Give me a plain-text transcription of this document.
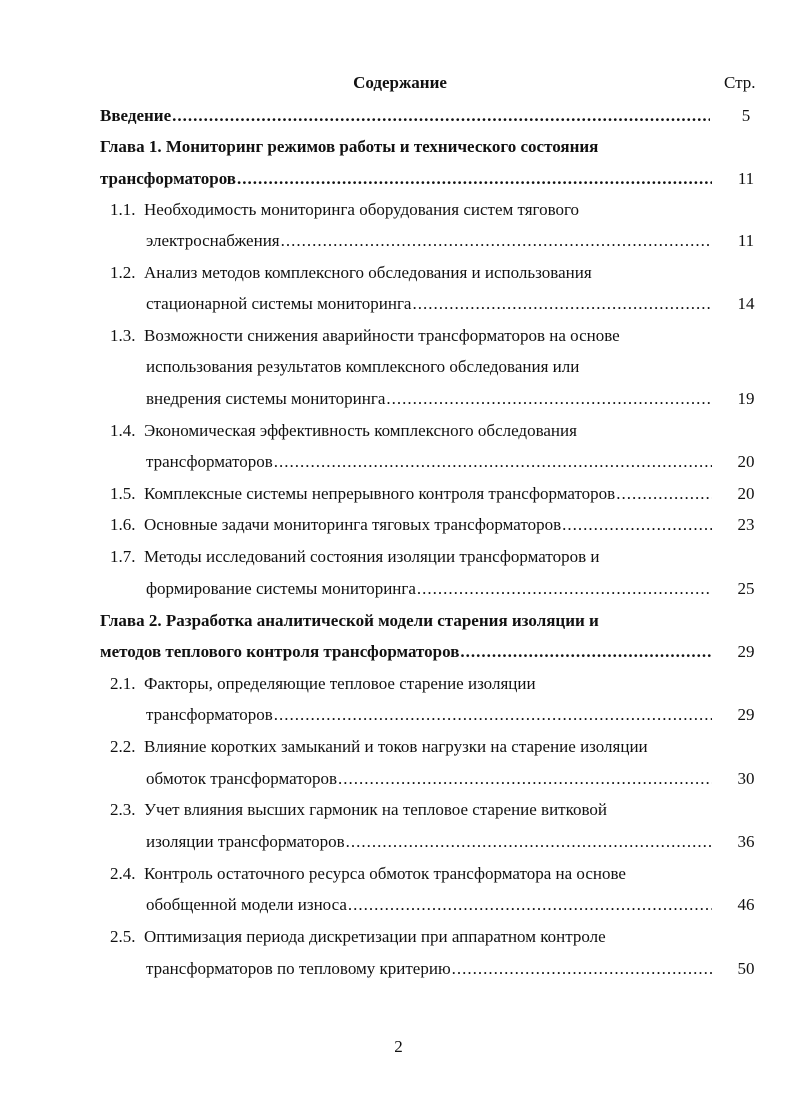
Содержание	Стр.
Введение .....	5
Глава 1. Мониторинг режимов работы и технического состояния
трансформаторов .....	11
1.1. Необходимость мониторинга оборудования систем тягового
электроснабжения .....	11
1.2. Анализ методов комплексного обследования и использования
стационарной системы мониторинга .....	14
1.3. Возможности снижения аварийности трансформаторов на основе
использования результатов комплексного обследования или
внедрения системы мониторинга .....	19
1.4. Экономическая эффективность комплексного обследования
трансформаторов .....	20
1.5. Комплексные системы непрерывного контроля трансформаторов .....	20
1.6. Основные задачи мониторинга тяговых трансформаторов .....	23
1.7. Методы исследований состояния изоляции трансформаторов и
формирование системы мониторинга .....	25
Глава 2. Разработка аналитической модели старения изоляции и
методов теплового контроля трансформаторов .....	29
2.1. Факторы, определяющие тепловое старение изоляции
трансформаторов .....	29
2.2. Влияние коротких замыканий и токов нагрузки на старение изоляции
обмоток трансформаторов .....	30
2.3. Учет влияния высших гармоник на тепловое старение витковой
изоляции трансформаторов .....	36
2.4. Контроль остаточного ресурса обмоток трансформатора на основе
обобщенной модели износа .....	46
2.5. Оптимизация периода дискретизации при аппаратном контроле
трансформаторов по тепловому критерию .....	50
2
